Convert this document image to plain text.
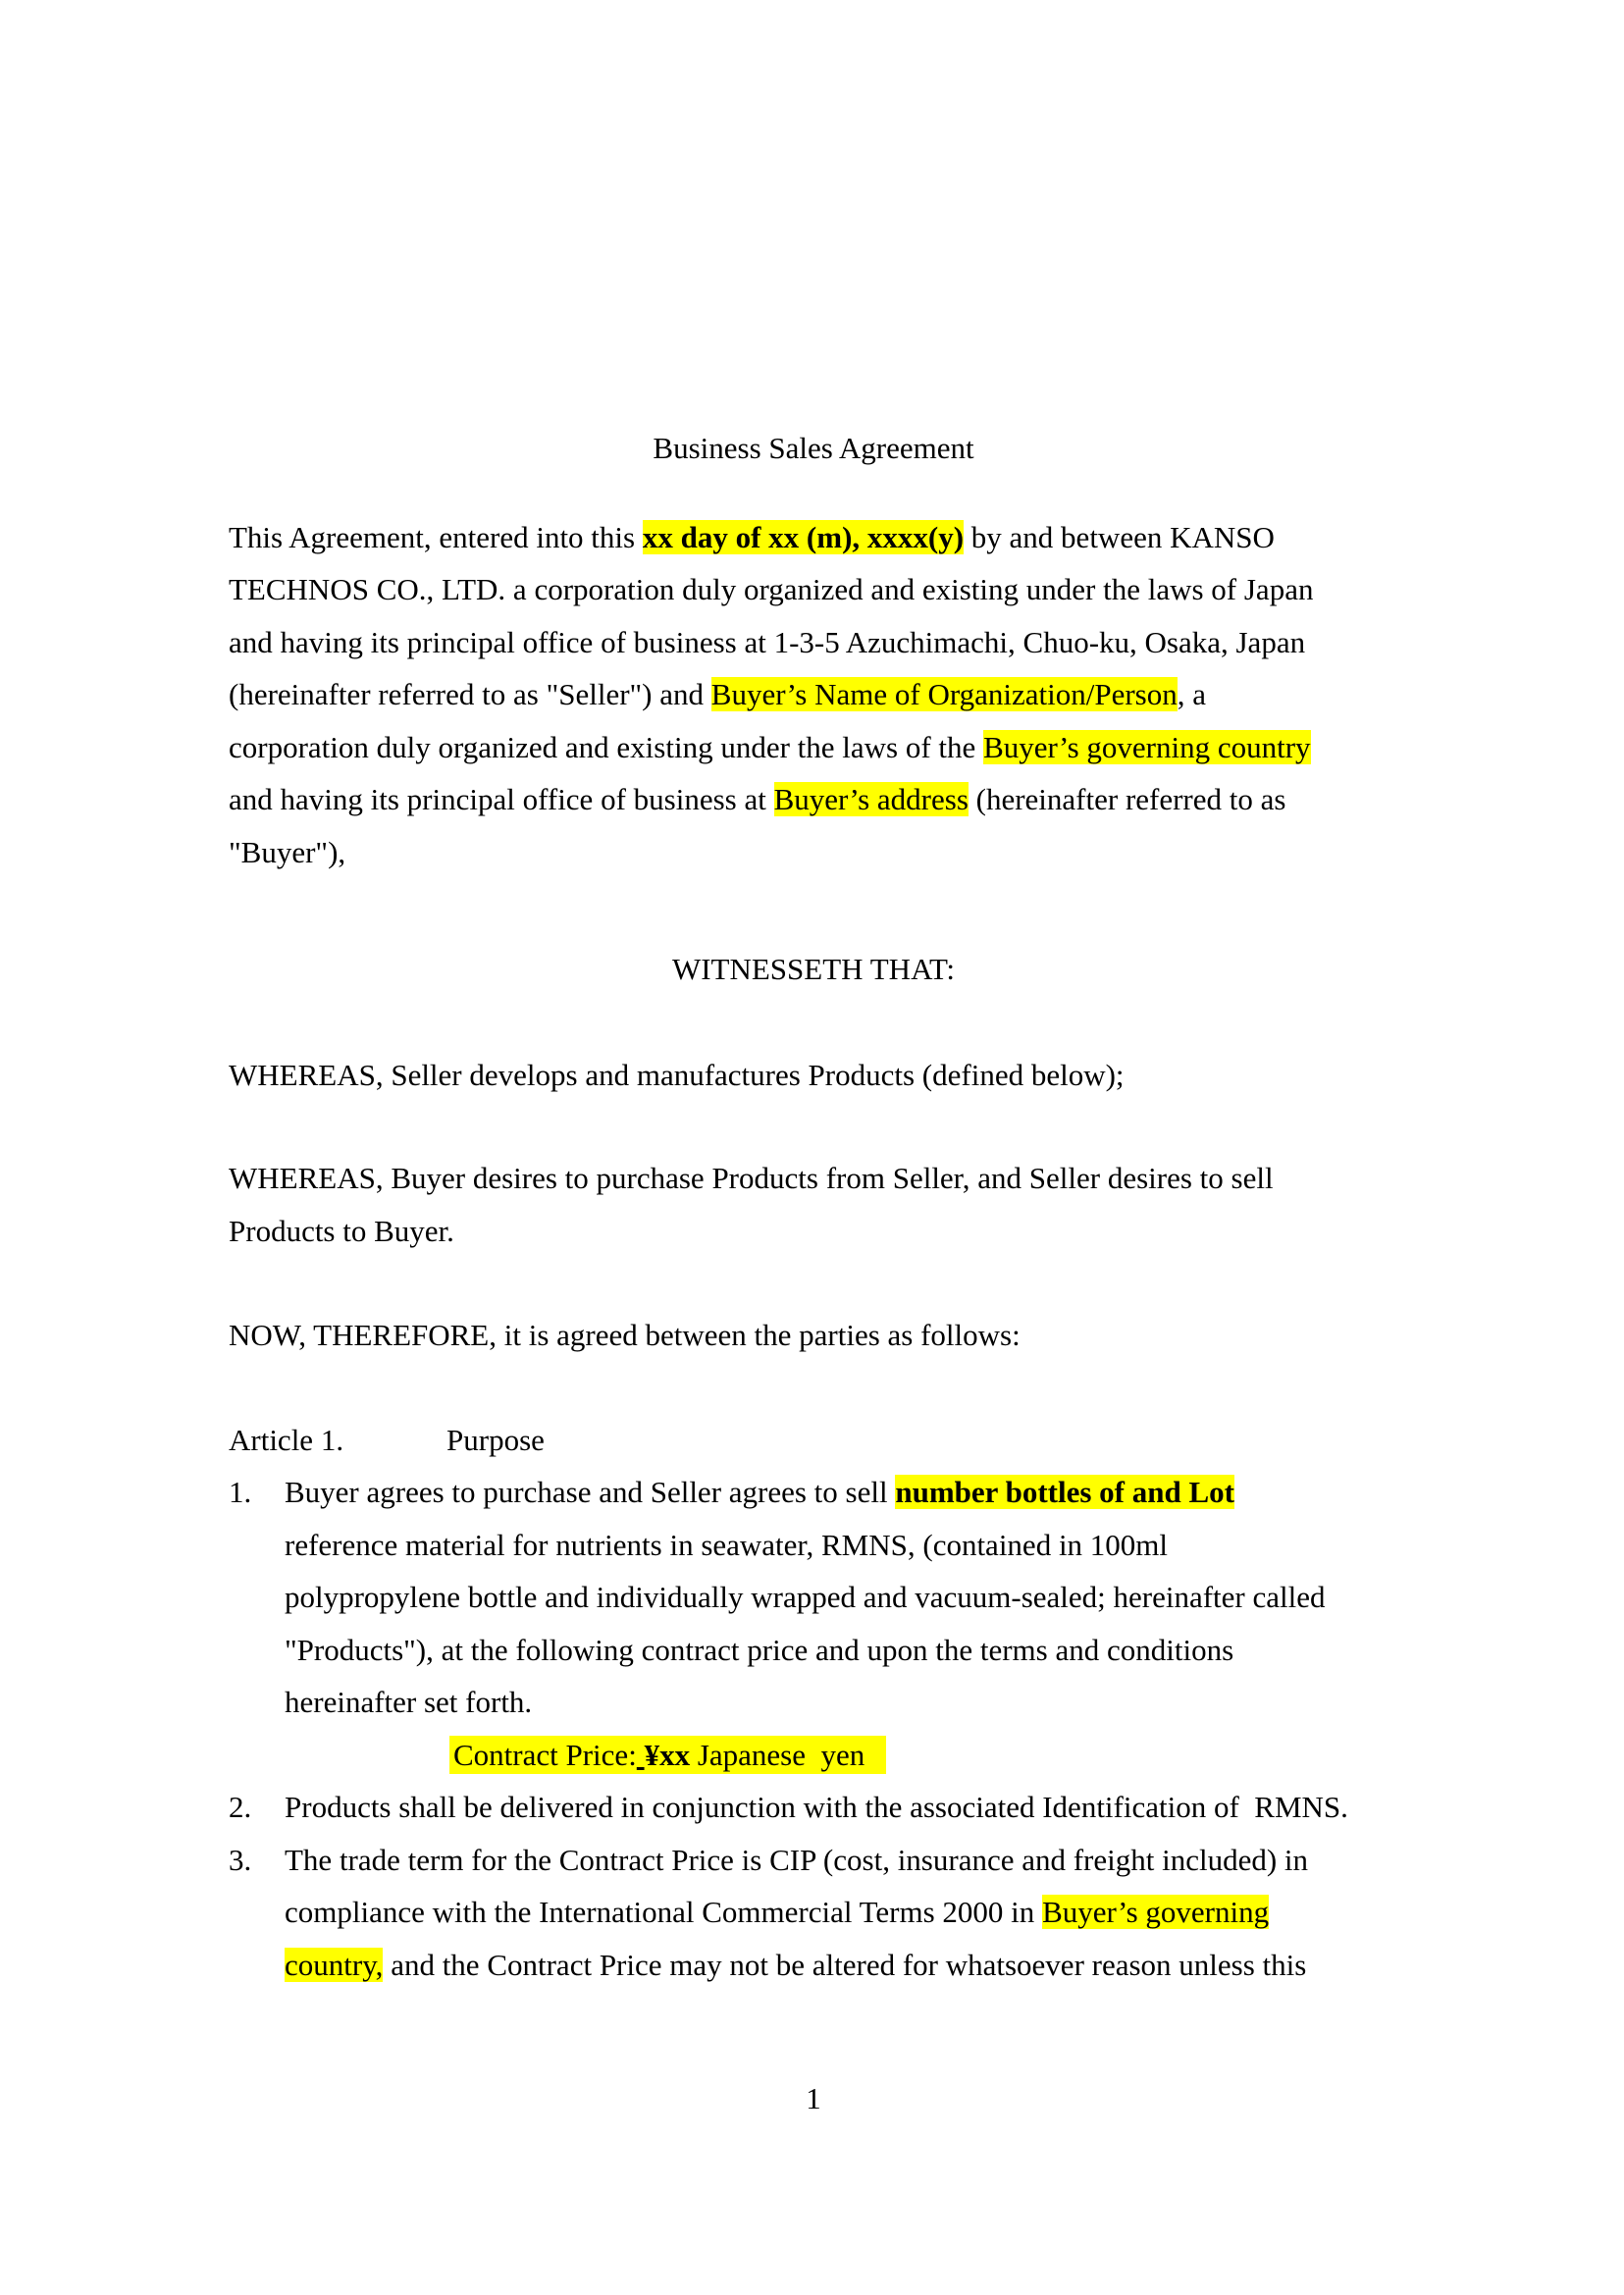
Business Sales Agreement
This Agreement, entered into this xx day of xx (m), xxxx(y) by and between KANSO
TECHNOS CO., LTD. a corporation duly organized and existing under the laws of Japan
and having its principal office of business at 1-3-5 Azuchimachi, Chuo-ku, Osaka, Japan
(hereinafter referred to as "Seller") and Buyer’s Name of Organization/Person, a
corporation duly organized and existing under the laws of the Buyer’s governing country
and having its principal office of business at Buyer’s address (hereinafter referred to as
"Buyer"),
WITNESSETH THAT:
WHEREAS, Seller develops and manufactures Products (defined below);
WHEREAS, Buyer desires to purchase Products from Seller, and Seller desires to sell
Products to Buyer.
NOW, THEREFORE, it is agreed between the parties as follows:
Article 1.	Purpose
1.	Buyer agrees to purchase and Seller agrees to sell number bottles of and Lot
reference material for nutrients in seawater, RMNS, (contained in 100ml
polypropylene bottle and individually wrapped and vacuum-sealed; hereinafter called
"Products"), at the following contract price and upon the terms and conditions
hereinafter set forth.
Contract Price: ¥xx Japanese  yen
2.	Products shall be delivered in conjunction with the associated Identification of  RMNS.
3.	The trade term for the Contract Price is CIP (cost, insurance and freight included) in
compliance with the International Commercial Terms 2000 in Buyer’s governing
country, and the Contract Price may not be altered for whatsoever reason unless this
1
